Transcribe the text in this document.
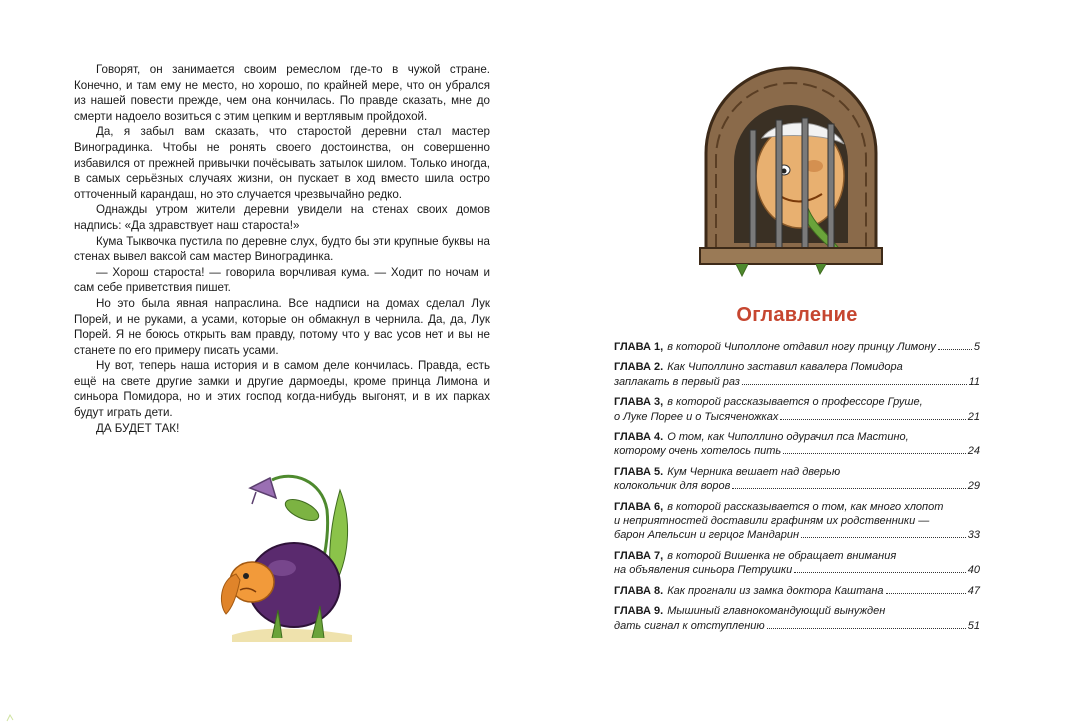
Говорят, он занимается своим ремеслом где-то в чужой стране. Конечно, и там ему не место, но хорошо, по крайней мере, что он убрался из нашей повести прежде, чем она кончилась. По правде сказать, мне до смерти надоело возиться с этим цепким и вертлявым пройдохой.

Да, я забыл вам сказать, что старостой деревни стал мастер Виноградинка. Чтобы не ронять своего достоинства, он совершенно избавился от прежней привычки почёсывать затылок шилом. Только иногда, в самых серьёзных случаях жизни, он пускает в ход вместо шила остро отточенный карандаш, но это случается чрезвычайно редко.

Однажды утром жители деревни увидели на стенах своих домов надпись: «Да здравствует наш староста!»

Кума Тыквочка пустила по деревне слух, будто бы эти крупные буквы на стенах вывел ваксой сам мастер Виноградинка.

— Хорош староста! — говорила ворчливая кума. — Ходит по ночам и сам себе приветствия пишет.

Но это была явная напраслина. Все надписи на домах сделал Лук Порей, и не руками, а усами, которые он обмакнул в чернила. Да, да, Лук Порей. Я не боюсь открыть вам правду, потому что у вас усов нет и вы не станете по его примеру писать усами.

Ну вот, теперь наша история и в самом деле кончилась. Правда, есть ещё на свете другие замки и другие дармоеды, кроме принца Лимона и синьора Помидора, но и этих господ когда-нибудь выгонят, и в их парках будут играть дети.

ДА БУДЕТ ТАК!

Оглавление
ГЛАВА 1, в которой Чиполлоне отдавил ногу принцу Лимону	5
ГЛАВА 2. Как Чиполлино заставил кавалера Помидора
заплакать в первый раз	11
ГЛАВА 3, в которой рассказывается о профессоре Груше,
о Луке Порее и о Тысяченожках	21
ГЛАВА 4. О том, как Чиполлино одурачил пса Мастино,
которому очень хотелось пить	24
ГЛАВА 5. Кум Черника вешает над дверью
колокольчик для воров	29
ГЛАВА 6, в которой рассказывается о том, как много хлопот
и неприятностей доставили графиням их родственники —
барон Апельсин и герцог Мандарин	33
ГЛАВА 7, в которой Вишенка не обращает внимания
на объявления синьора Петрушки	40
ГЛАВА 8. Как прогнали из замка доктора Каштана	47
ГЛАВА 9. Мышиный главнокомандующий вынужден
дать сигнал к отступлению	51
